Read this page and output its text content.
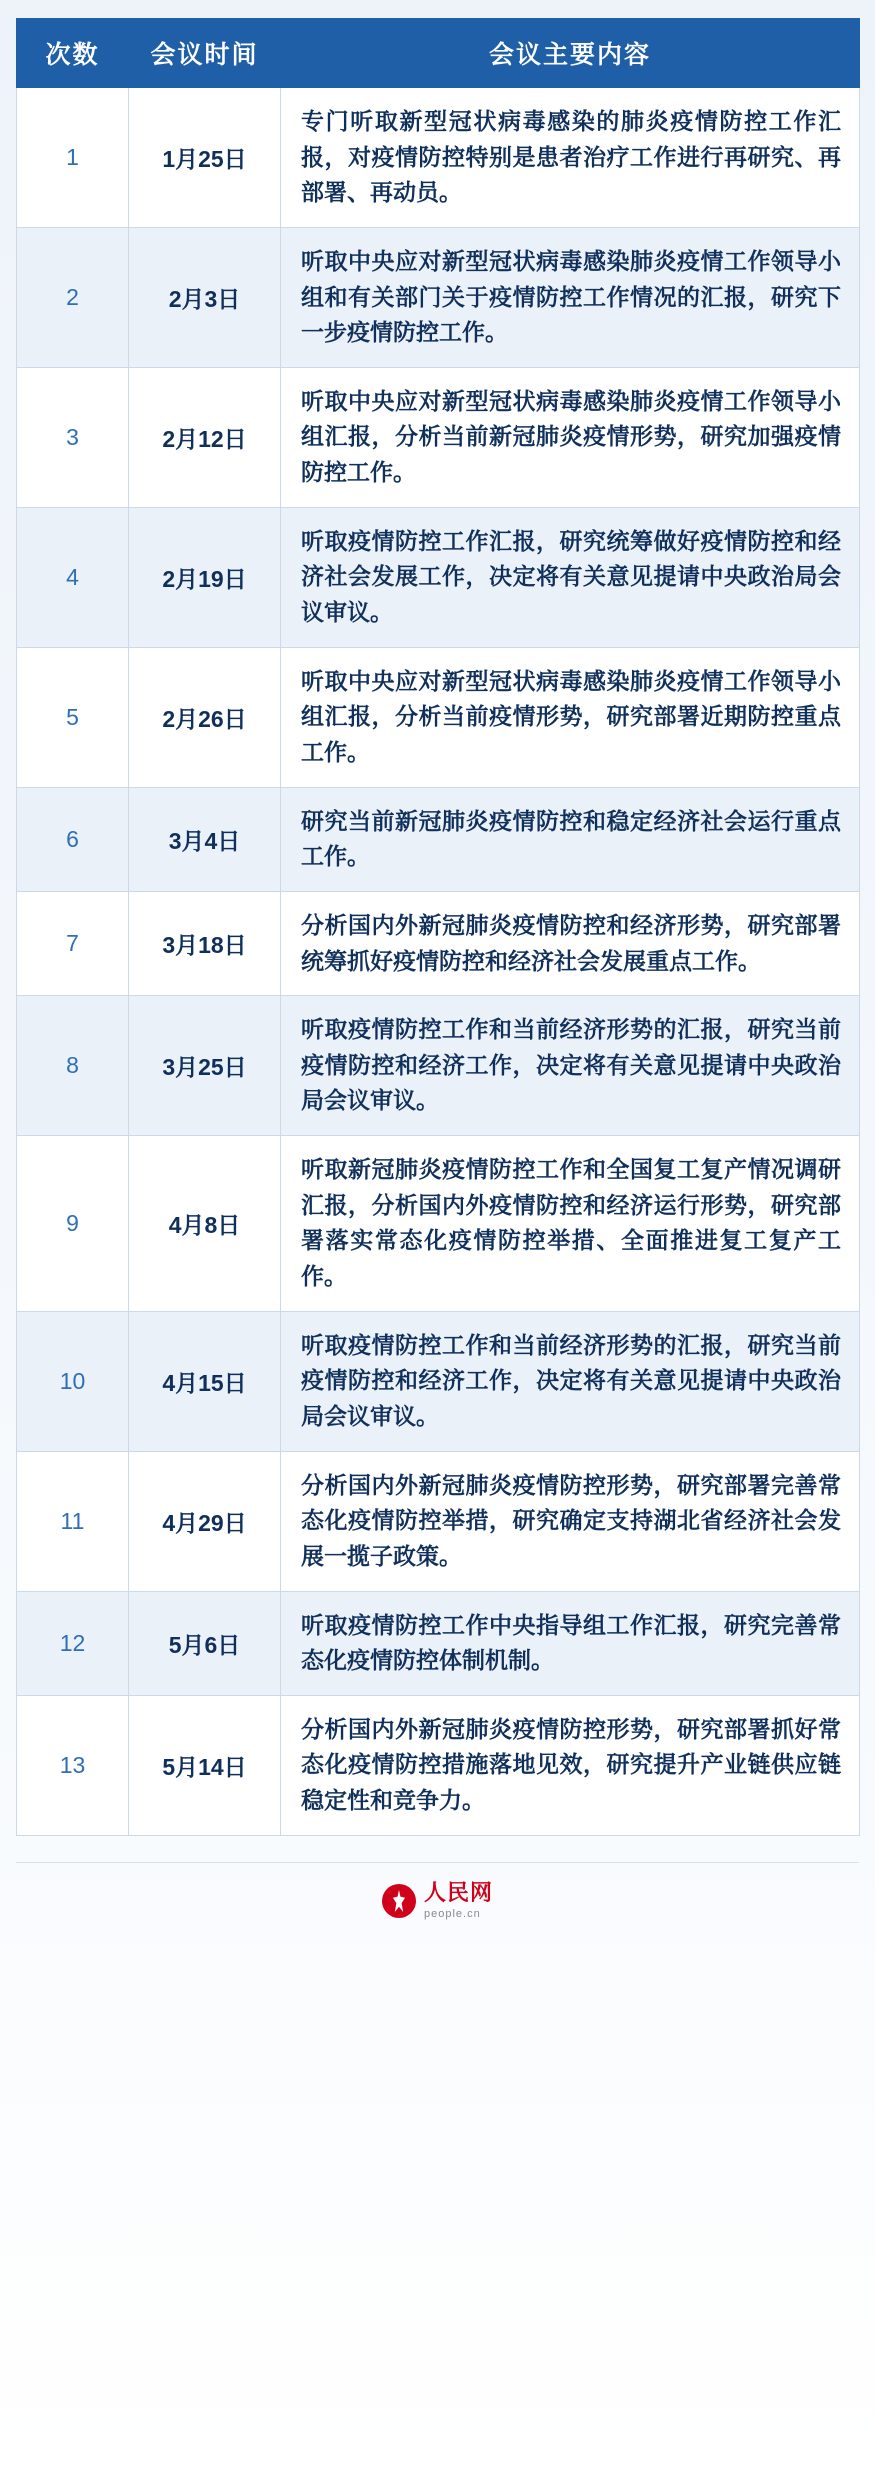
次数	会议时间	会议主要内容
1	1月25日	专门听取新型冠状病毒感染的肺炎疫情防控工作汇报，对疫情防控特别是患者治疗工作进行再研究、再部署、再动员。
2	2月3日	听取中央应对新型冠状病毒感染肺炎疫情工作领导小组和有关部门关于疫情防控工作情况的汇报，研究下一步疫情防控工作。
3	2月12日	听取中央应对新型冠状病毒感染肺炎疫情工作领导小组汇报，分析当前新冠肺炎疫情形势，研究加强疫情防控工作。
4	2月19日	听取疫情防控工作汇报，研究统筹做好疫情防控和经济社会发展工作，决定将有关意见提请中央政治局会议审议。
5	2月26日	听取中央应对新型冠状病毒感染肺炎疫情工作领导小组汇报，分析当前疫情形势，研究部署近期防控重点工作。
6	3月4日	研究当前新冠肺炎疫情防控和稳定经济社会运行重点工作。
7	3月18日	分析国内外新冠肺炎疫情防控和经济形势，研究部署统筹抓好疫情防控和经济社会发展重点工作。
8	3月25日	听取疫情防控工作和当前经济形势的汇报，研究当前疫情防控和经济工作，决定将有关意见提请中央政治局会议审议。
9	4月8日	听取新冠肺炎疫情防控工作和全国复工复产情况调研汇报，分析国内外疫情防控和经济运行形势，研究部署落实常态化疫情防控举措、全面推进复工复产工作。
10	4月15日	听取疫情防控工作和当前经济形势的汇报，研究当前疫情防控和经济工作，决定将有关意见提请中央政治局会议审议。
11	4月29日	分析国内外新冠肺炎疫情防控形势，研究部署完善常态化疫情防控举措，研究确定支持湖北省经济社会发展一揽子政策。
12	5月6日	听取疫情防控工作中央指导组工作汇报，研究完善常态化疫情防控体制机制。
13	5月14日	分析国内外新冠肺炎疫情防控形势，研究部署抓好常态化疫情防控措施落地见效，研究提升产业链供应链稳定性和竞争力。
人民网
people.cn
